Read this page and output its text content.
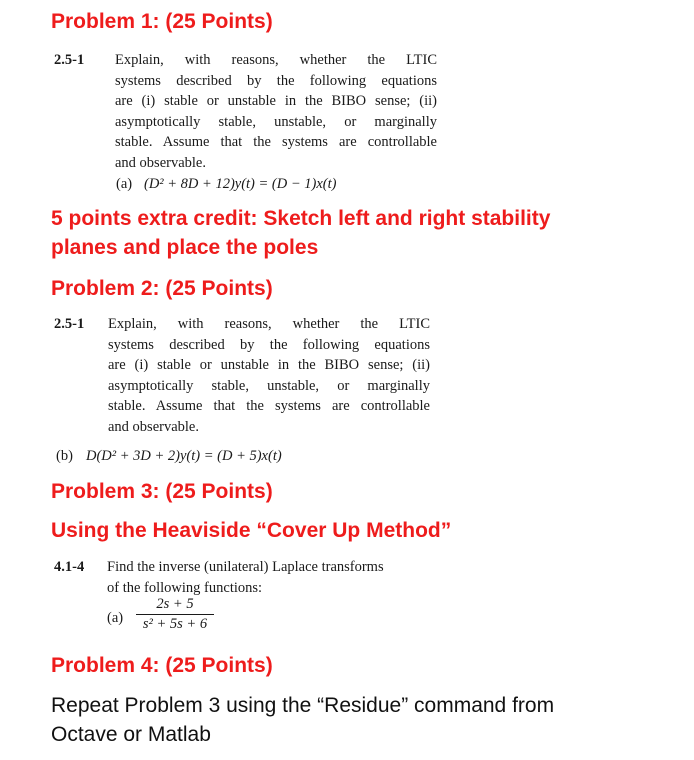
Problem 1: (25 Points)
2.5-1 Explain, with reasons, whether the LTIC
systems described by the following equations
are (i) stable or unstable in the BIBO sense; (ii)
asymptotically stable, unstable, or marginally
stable. Assume that the systems are controllable
and observable.
(a) (D² + 8D + 12)y(t) = (D − 1)x(t)

5 points extra credit: Sketch left and right stability

planes and place the poles

Problem 2: (25 Points)
2.5-1 Explain, with reasons, whether the LTIC
systems described by the following equations
are (i) stable or unstable in the BIBO sense; (ii)
asymptotically stable, unstable, or marginally
stable. Assume that the systems are controllable
and observable.
(b) D(D² + 3D + 2)y(t) = (D + 5)x(t)
Problem 3: (25 Points)

Using the Heaviside “Cover Up Method”

4.1-4 Find the inverse (unilateral) Laplace transforms
of the following functions:
$(a) \frac{2s + 5}{\text{s² + 5s + 6}}$
Problem 4: (25 Points)

Repeat Problem 3 using the “Residue” command from

Octave or Matlab
